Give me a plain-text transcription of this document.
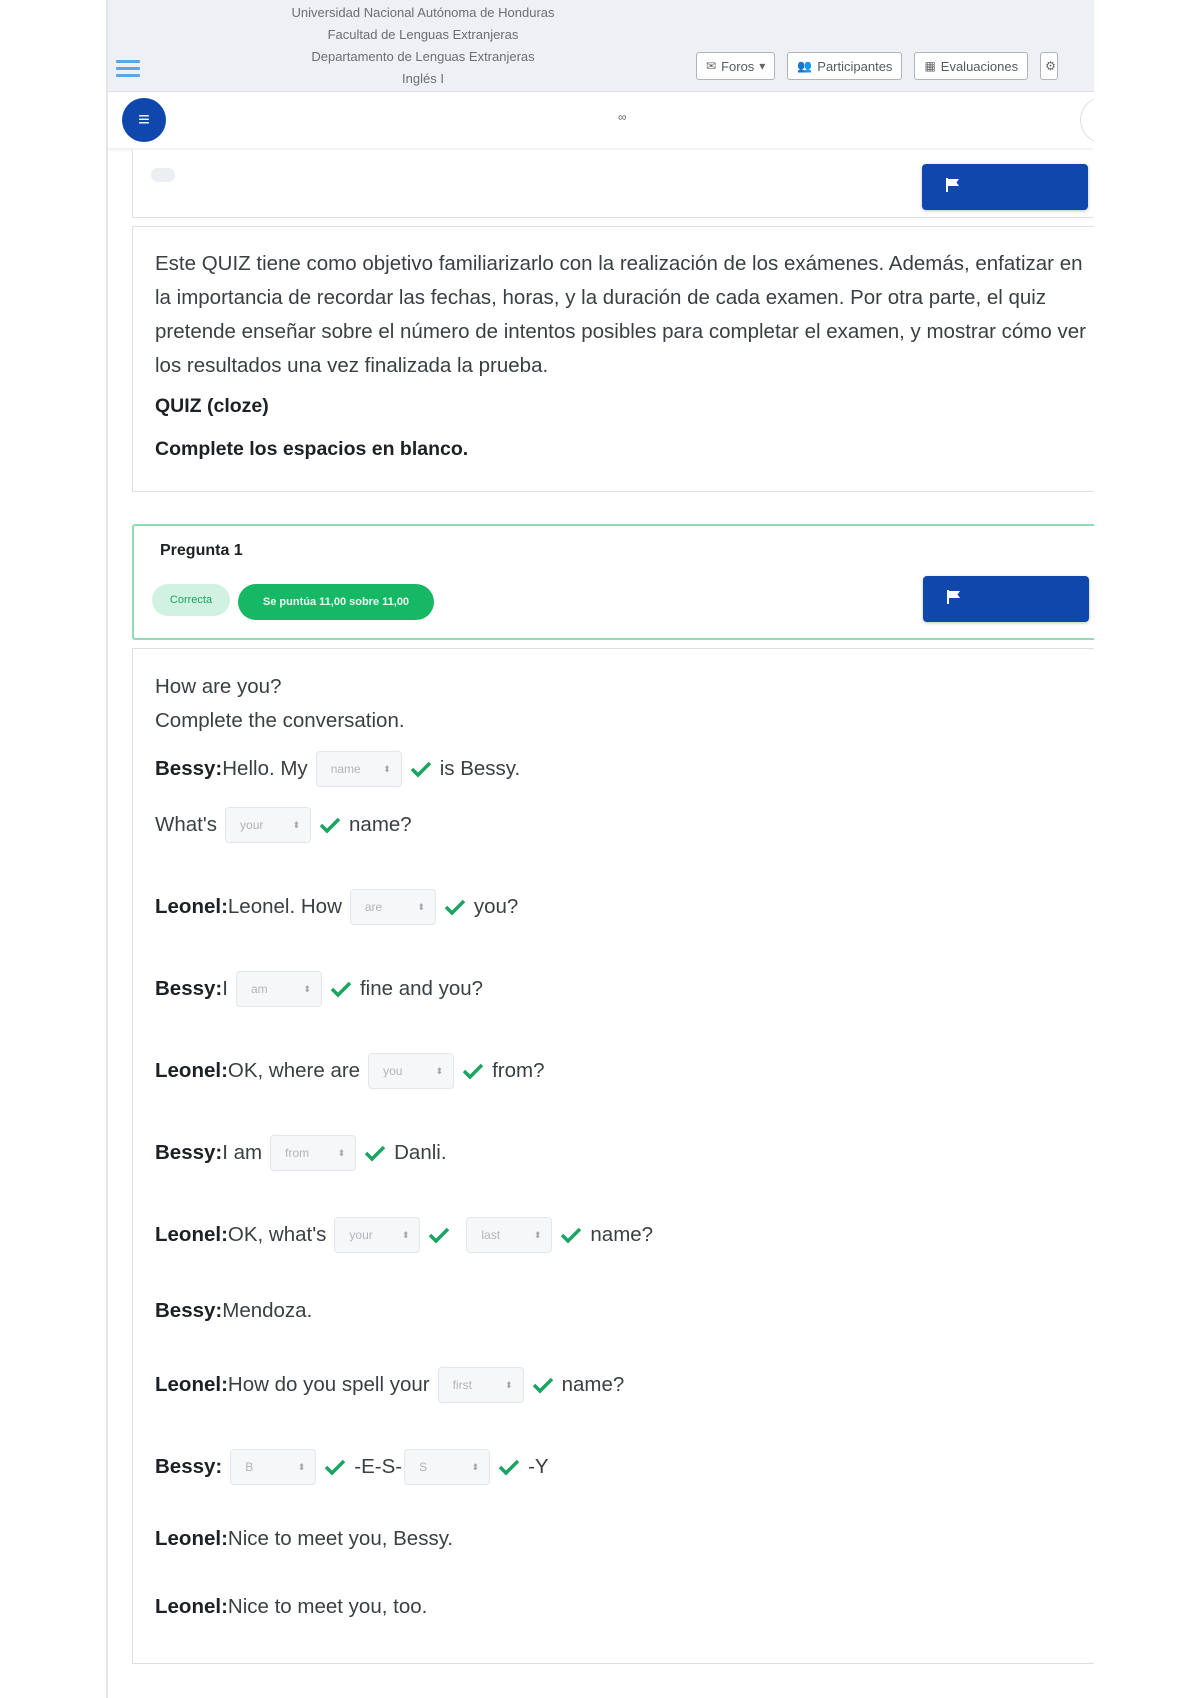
Universidad Nacional Autónoma de Honduras
Facultad de Lenguas Extranjeras
Departamento de Lenguas Extranjeras
Inglés I
✉ Foros ▾	👥 Participantes	▦ Evaluaciones ⚙
≡	∞
Este QUIZ tiene como objetivo familiarizarlo con la realización de los exámenes. Además, enfatizar en la importancia de recordar las fechas, horas, y la duración de cada examen. Por otra parte, el quiz pretende enseñar sobre el número de intentos posibles para completar el examen, y mostrar cómo ver los resultados una vez finalizada la prueba.
QUIZ (cloze)
Complete los espacios en blanco.
Pregunta 1
Correcta	Se puntúa 11,00 sobre 11,00
How are you?
Complete the conversation.
Bessy: Hello. My name ⬍ is Bessy.
What's your	⬍ name?
Leonel: Leonel. How are	⬍ you?
Bessy: I am	⬍ fine and you?
Leonel: OK, where are you	⬍ from?
Bessy: I am from	⬍ Danli.
Leonel: OK, what's your	⬍	last	⬍ name?
Bessy: Mendoza.
Leonel: How do you spell your first	⬍ name?
Bessy: B	⬍ -E-S- S	⬍ -Y
Leonel: Nice to meet you, Bessy.
Leonel: Nice to meet you, too.
